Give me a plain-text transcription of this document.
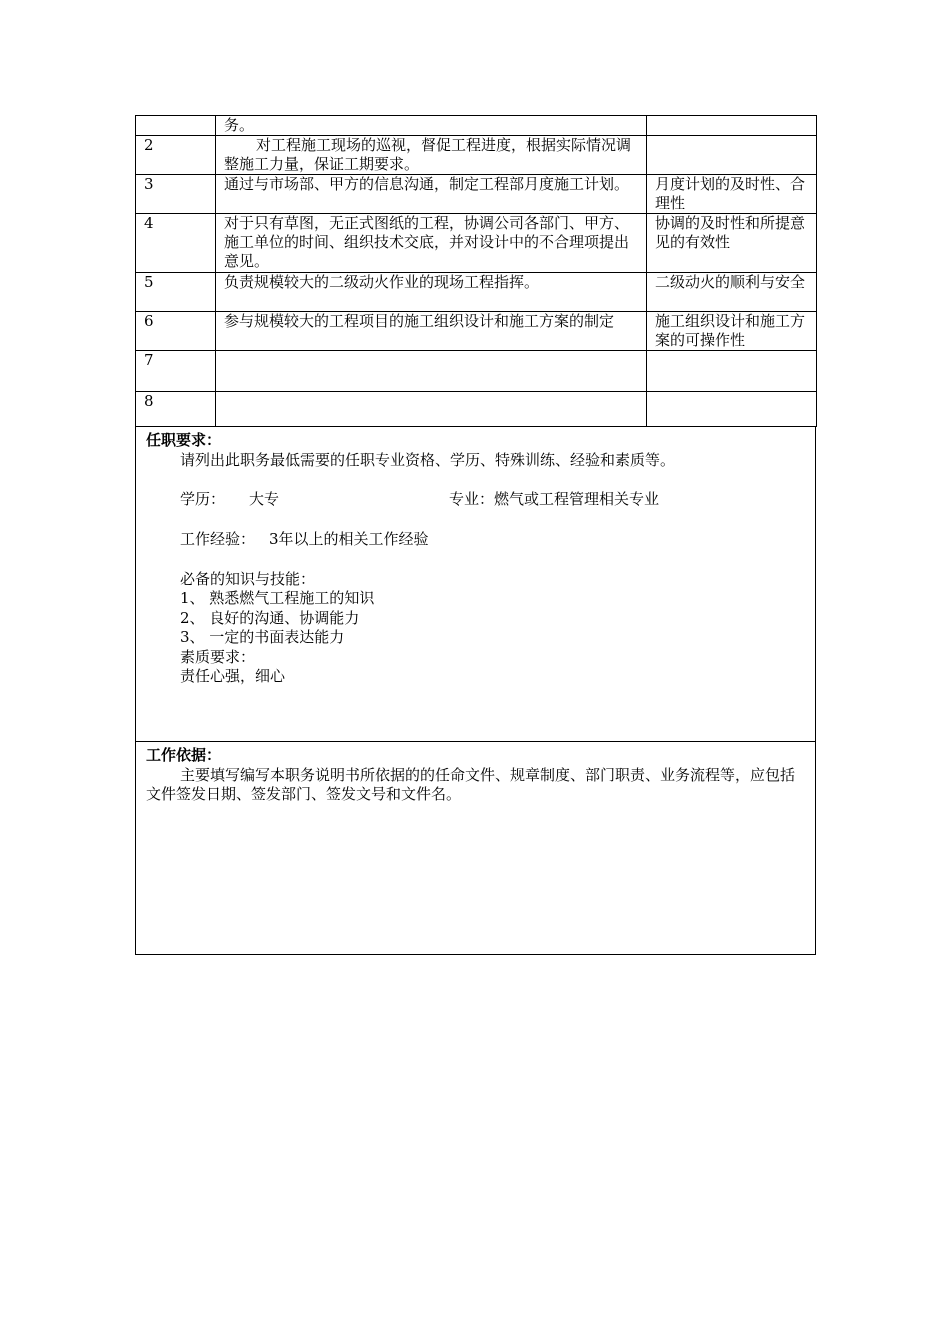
	务。	
2	对工程施工现场的巡视，督促工程进度，根据实际情况调整施工力量，保证工期要求。	
3	通过与市场部、甲方的信息沟通，制定工程部月度施工计划。	月度计划的及时性、合理性
4	对于只有草图，无正式图纸的工程，协调公司各部门、甲方、施工单位的时间、组织技术交底，并对设计中的不合理项提出意见。	协调的及时性和所提意见的有效性
5	负责规模较大的二级动火作业的现场工程指挥。	二级动火的顺利与安全
6	参与规模较大的工程项目的施工组织设计和施工方案的制定	施工组织设计和施工方案的可操作性
7		
8		
任职要求：
请列出此职务最低需要的任职专业资格、学历、特殊训练、经验和素质等。
学历： 大专	专业：燃气或工程管理相关专业
工作经验： 3年以上的相关工作经验
必备的知识与技能：
1、 熟悉燃气工程施工的知识
2、 良好的沟通、协调能力
3、 一定的书面表达能力
素质要求：
责任心强，细心
工作依据：
主要填写编写本职务说明书所依据的的任命文件、规章制度、部门职责、业务流程等，应包括文件签发日期、签发部门、签发文号和文件名。
